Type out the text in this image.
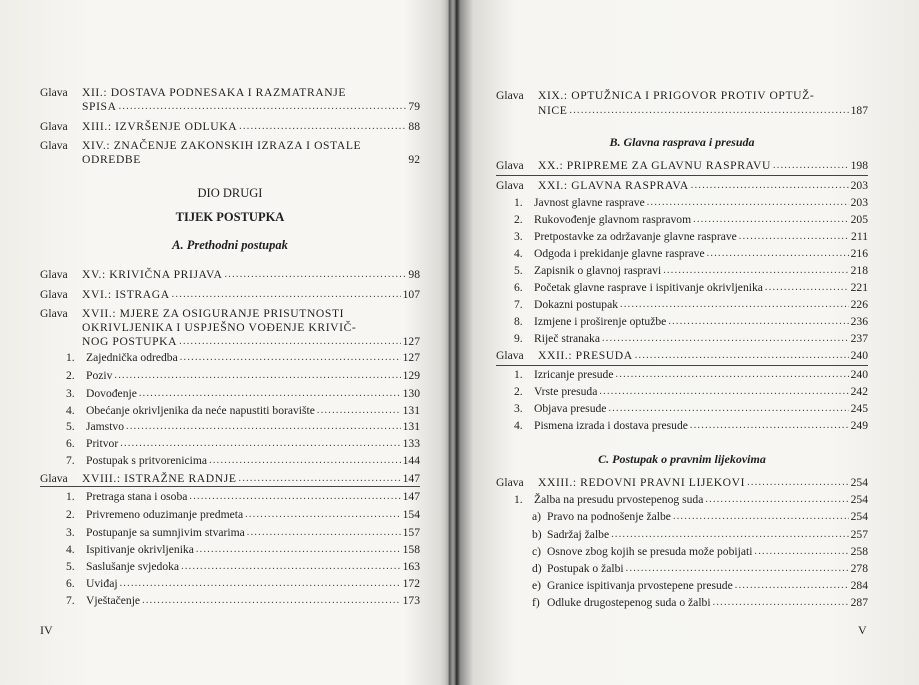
Glava	XII.: DOSTAVA PODNESAKA I RAZMATRANJE
SPISA .....	79
Glava	XIII.: IZVRŠENJE ODLUKA .....	88
Glava	XIV.: ZNAČENJE ZAKONSKIH IZRAZA I OSTALE
ODREDBE	92
DIO DRUGI
TIJEK POSTUPKA
A. Prethodni postupak
Glava	XV.: KRIVIČNA PRIJAVA .....	98
Glava	XVI.: ISTRAGA .....	107
Glava	XVII.: MJERE ZA OSIGURANJE PRISUTNOSTI
OKRIVLJENIKA I USPJEŠNO VOĐENJE KRIVIČ-
NOG POSTUPKA .....	127
1. Zajednička odredba .....	127
2. Poziv .....	129
3. Dovođenje .....	130
4. Obećanje okrivljenika da neće napustiti boravište .....	131
5. Jamstvo .....	131
6. Pritvor .....	133
7. Postupak s pritvorenicima .....	144
Glava	XVIII.: ISTRAŽNE RADNJE .....	147
1. Pretraga stana i osoba .....	147
2. Privremeno oduzimanje predmeta .....	154
3. Postupanje sa sumnjivim stvarima .....	157
4. Ispitivanje okrivljenika .....	158
5. Saslušanje svjedoka .....	163
6. Uviđaj .....	172
7. Vještačenje .....	173
IV
Glava	XIX.: OPTUŽNICA I PRIGOVOR PROTIV OPTUŽ-
NICE .....	187
B. Glavna rasprava i presuda
Glava	XX.: PRIPREME ZA GLAVNU RASPRAVU .....	198
Glava	XXI.: GLAVNA RASPRAVA .....	203
1. Javnost glavne rasprave .....	203
2. Rukovođenje glavnom raspravom .....	205
3. Pretpostavke za održavanje glavne rasprave .....	211
4. Odgoda i prekidanje glavne rasprave .....	216
5. Zapisnik o glavnoj raspravi .....	218
6. Početak glavne rasprave i ispitivanje okrivljenika .....	221
7. Dokazni postupak .....	226
8. Izmjene i proširenje optužbe .....	236
9. Riječ stranaka .....	237
Glava	XXII.: PRESUDA .....	240
1. Izricanje presude .....	240
2. Vrste presuda .....	242
3. Objava presude .....	245
4. Pismena izrada i dostava presude .....	249
C. Postupak o pravnim lijekovima
Glava	XXIII.: REDOVNI PRAVNI LIJEKOVI .....	254
1. Žalba na presudu prvostepenog suda .....	254
a) Pravo na podnošenje žalbe .....	254
b) Sadržaj žalbe .....	257
c) Osnove zbog kojih se presuda može pobijati .....	258
d) Postupak o žalbi .....	278
e) Granice ispitivanja prvostepene presude .....	284
f) Odluke drugostepenog suda o žalbi .....	287
V
